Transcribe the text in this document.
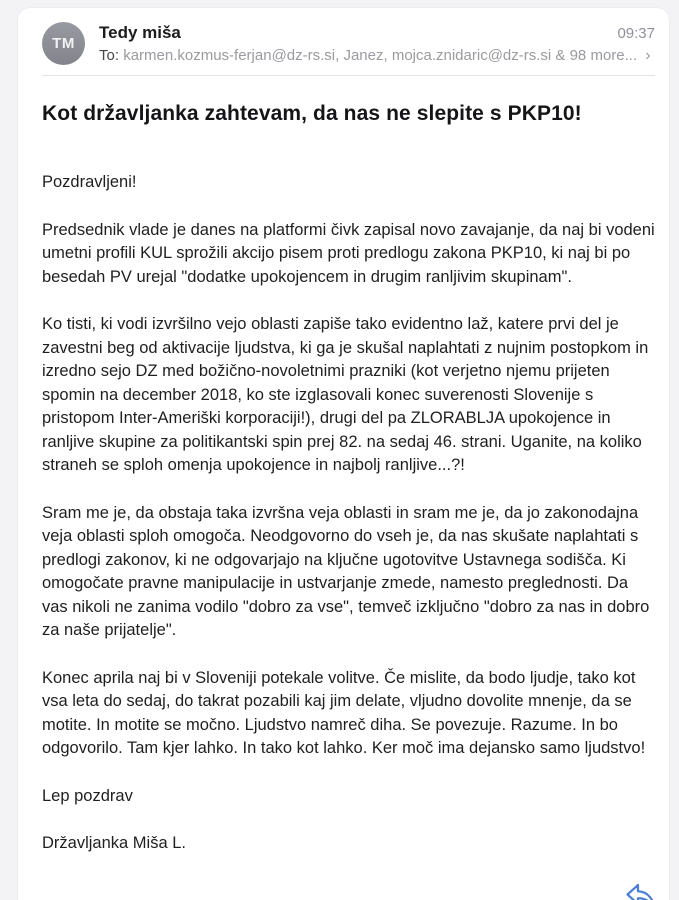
TM
Tedy miša	09:37
To: karmen.kozmus-ferjan@dz-rs.si, Janez, mojca.znidaric@dz-rs.si & 98 more... ›
Kot državljanka zahtevam, da nas ne slepite s PKP10!

Pozdravljeni!

Predsednik vlade je danes na platformi čivk zapisal novo zavajanje, da naj bi vodeni umetni profili KUL sprožili akcijo pisem proti predlogu zakona PKP10, ki naj bi po besedah PV urejal "dodatke upokojencem in drugim ranljivim skupinam".

Ko tisti, ki vodi izvršilno vejo oblasti zapiše tako evidentno laž, katere prvi del je zavestni beg od aktivacije ljudstva, ki ga je skušal naplahtati z nujnim postopkom in izredno sejo DZ med božično-novoletnimi prazniki (kot verjetno njemu prijeten spomin na december 2018, ko ste izglasovali konec suverenosti Slovenije s pristopom Inter-Ameriški korporaciji!), drugi del pa ZLORABLJA upokojence in ranljive skupine za politikantski spin prej 82. na sedaj 46. strani. Uganite, na koliko straneh se sploh omenja upokojence in najbolj ranljive...?!

Sram me je, da obstaja taka izvršna veja oblasti in sram me je, da jo zakonodajna veja oblasti sploh omogoča. Neodgovorno do vseh je, da nas skušate naplahtati s predlogi zakonov, ki ne odgovarjajo na ključne ugotovitve Ustavnega sodišča. Ki omogočate pravne manipulacije in ustvarjanje zmede, namesto preglednosti. Da vas nikoli ne zanima vodilo "dobro za vse", temveč izključno "dobro za nas in dobro za naše prijatelje".

Konec aprila naj bi v Sloveniji potekale volitve. Če mislite, da bodo ljudje, tako kot vsa leta do sedaj, do takrat pozabili kaj jim delate, vljudno dovolite mnenje, da se motite. In motite se močno. Ljudstvo namreč diha. Se povezuje. Razume. In bo odgovorilo. Tam kjer lahko. In tako kot lahko. Ker moč ima dejansko samo ljudstvo!

Lep pozdrav

Državljanka Miša L.
